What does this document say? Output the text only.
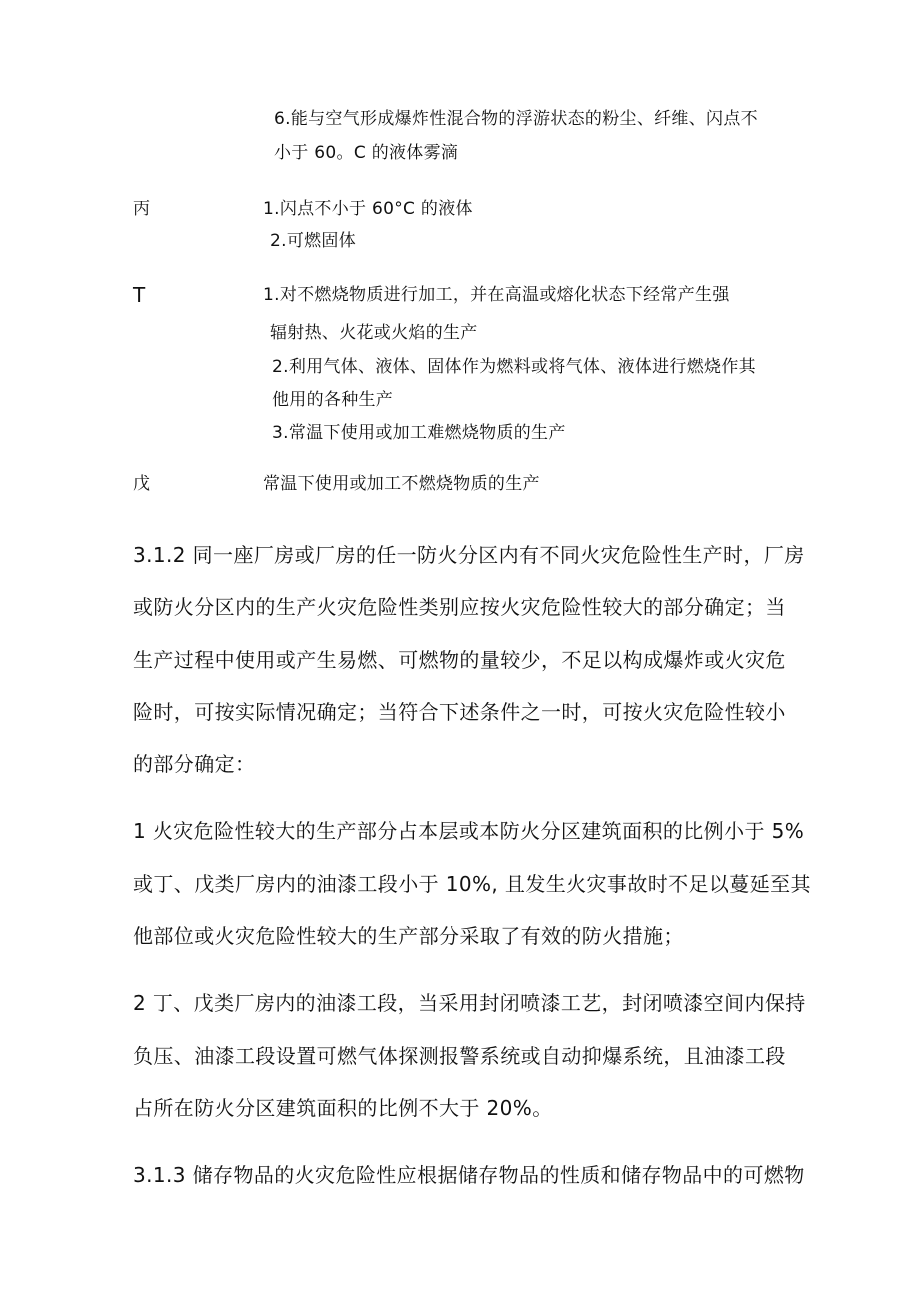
6.能与空气形成爆炸性混合物的浮游状态的粉尘、纤维、闪点不
小于 60。C 的液体雾滴
丙	1.闪点不小于 60°C 的液体
2.可燃固体
T	1.对不燃烧物质进行加工，并在高温或熔化状态下经常产生强
辐射热、火花或火焰的生产
2.利用气体、液体、固体作为燃料或将气体、液体进行燃烧作其
他用的各种生产
3.常温下使用或加工难燃烧物质的生产
戊	常温下使用或加工不燃烧物质的生产
3.1.2 同一座厂房或厂房的任一防火分区内有不同火灾危险性生产时，厂房
或防火分区内的生产火灾危险性类别应按火灾危险性较大的部分确定；当
生产过程中使用或产生易燃、可燃物的量较少，不足以构成爆炸或火灾危
险时，可按实际情况确定；当符合下述条件之一时，可按火灾危险性较小
的部分确定：
1 火灾危险性较大的生产部分占本层或本防火分区建筑面积的比例小于 5%
或丁、戊类厂房内的油漆工段小于 10%, 且发生火灾事故时不足以蔓延至其
他部位或火灾危险性较大的生产部分采取了有效的防火措施；
2 丁、戊类厂房内的油漆工段，当采用封闭喷漆工艺，封闭喷漆空间内保持
负压、油漆工段设置可燃气体探测报警系统或自动抑爆系统，且油漆工段
占所在防火分区建筑面积的比例不大于 20%。
3.1.3 储存物品的火灾危险性应根据储存物品的性质和储存物品中的可燃物
